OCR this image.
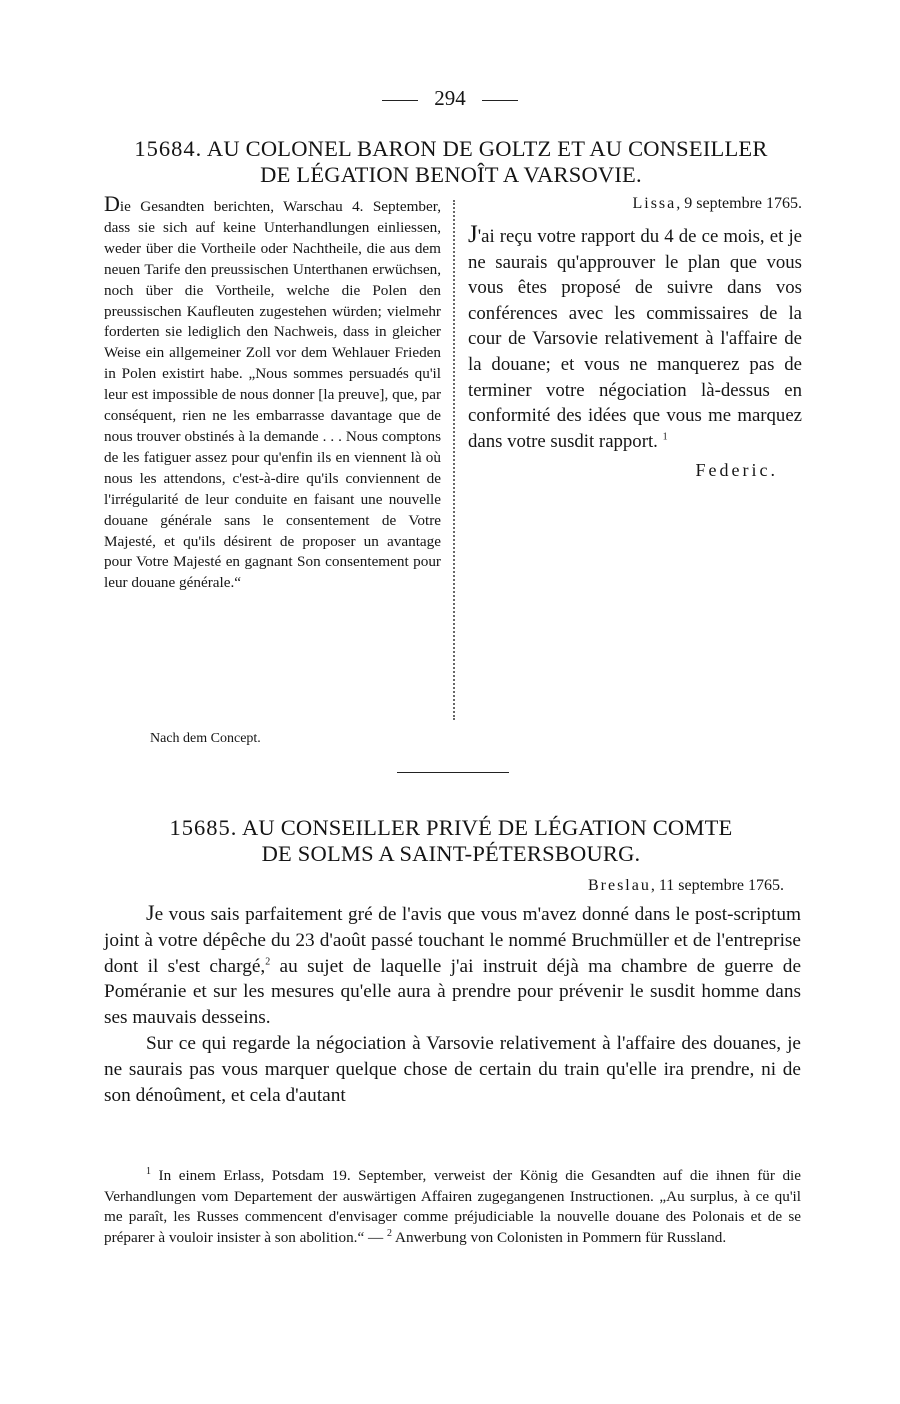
294
15684. AU COLONEL BARON DE GOLTZ ET AU CONSEILLER
DE LÉGATION BENOÎT A VARSOVIE.

Die Gesandten berichten, Warschau 4. September, dass sie sich auf keine Unterhandlungen einliessen, weder über die Vortheile oder Nachtheile, die aus dem neuen Tarife den preussischen Unterthanen erwüchsen, noch über die Vortheile, welche die Polen den preussischen Kaufleuten zugestehen würden; vielmehr forderten sie lediglich den Nachweis, dass in gleicher Weise ein allgemeiner Zoll vor dem Wehlauer Frieden in Polen existirt habe. „Nous sommes persuadés qu'il leur est impossible de nous donner [la preuve], que, par conséquent, rien ne les embarrasse davantage que de nous trouver obstinés à la demande . . . Nous comptons de les fatiguer assez pour qu'enfin ils en viennent là où nous les attendons, c'est-à-dire qu'ils conviennent de l'irrégularité de leur conduite en faisant une nouvelle douane générale sans le consentement de Votre Majesté, et qu'ils désirent de proposer un avantage pour Votre Majesté en gagnant Son consentement pour leur douane générale.“

Lissa, 9 septembre 1765.

J'ai reçu votre rapport du 4 de ce mois, et je ne saurais qu'approuver le plan que vous vous êtes proposé de suivre dans vos conférences avec les commissaires de la cour de Varsovie relativement à l'affaire de la douane; et vous ne manquerez pas de terminer votre négociation là-dessus en conformité des idées que vous me marquez dans votre susdit rapport. $^1$

Federic.
Nach dem Concept.
15685. AU CONSEILLER PRIVÉ DE LÉGATION COMTE
DE SOLMS A SAINT-PÉTERSBOURG.
Breslau, 11 septembre 1765.

Je vous sais parfaitement gré de l'avis que vous m'avez donné dans le post-scriptum joint à votre dépêche du 23 d'août passé touchant le nommé Bruchmüller et de l'entreprise dont il s'est chargé,$^2$ au sujet de laquelle j'ai instruit déjà ma chambre de guerre de Poméranie et sur les mesures qu'elle aura à prendre pour prévenir le susdit homme dans ses mauvais desseins.

Sur ce qui regarde la négociation à Varsovie relativement à l'affaire des douanes, je ne saurais pas vous marquer quelque chose de certain du train qu'elle ira prendre, ni de son dénoûment, et cela d'autant

$^1$ In einem Erlass, Potsdam 19. September, verweist der König die Gesandten auf die ihnen für die Verhandlungen vom Departement der auswärtigen Affairen zugegangenen Instructionen. „Au surplus, à ce qu'il me paraît, les Russes commencent d'envisager comme préjudiciable la nouvelle douane des Polonais et de se préparer à vouloir insister à son abolition.“ — $^2$ Anwerbung von Colonisten in Pommern für Russland.
